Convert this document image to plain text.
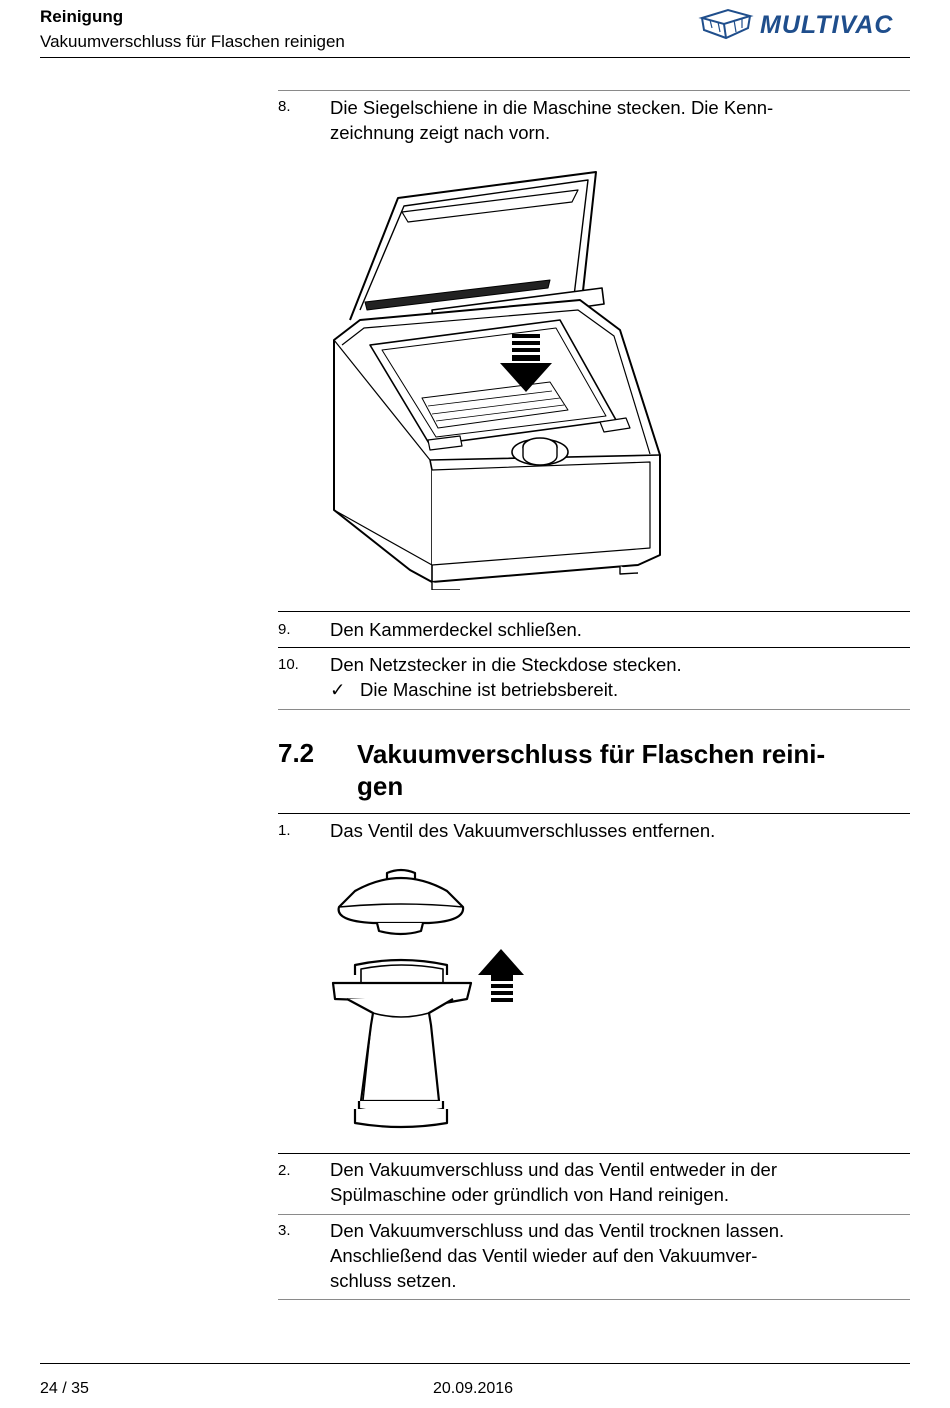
Reinigung
Vakuumverschluss für Flaschen reinigen
MULTIVAC
8. Die Siegelschiene in die Maschine stecken. Die Kenn-
zeichnung zeigt nach vorn.
9. Den Kammerdeckel schließen.
10. Den Netzstecker in die Steckdose stecken.
✓ Die Maschine ist betriebsbereit.
7.2 Vakuumverschluss für Flaschen reini-
gen
1. Das Ventil des Vakuumverschlusses entfernen.
2. Den Vakuumverschluss und das Ventil entweder in der
Spülmaschine oder gründlich von Hand reinigen.
3. Den Vakuumverschluss und das Ventil trocknen lassen.
Anschließend das Ventil wieder auf den Vakuumver-
schluss setzen.
24 / 35	20.09.2016
